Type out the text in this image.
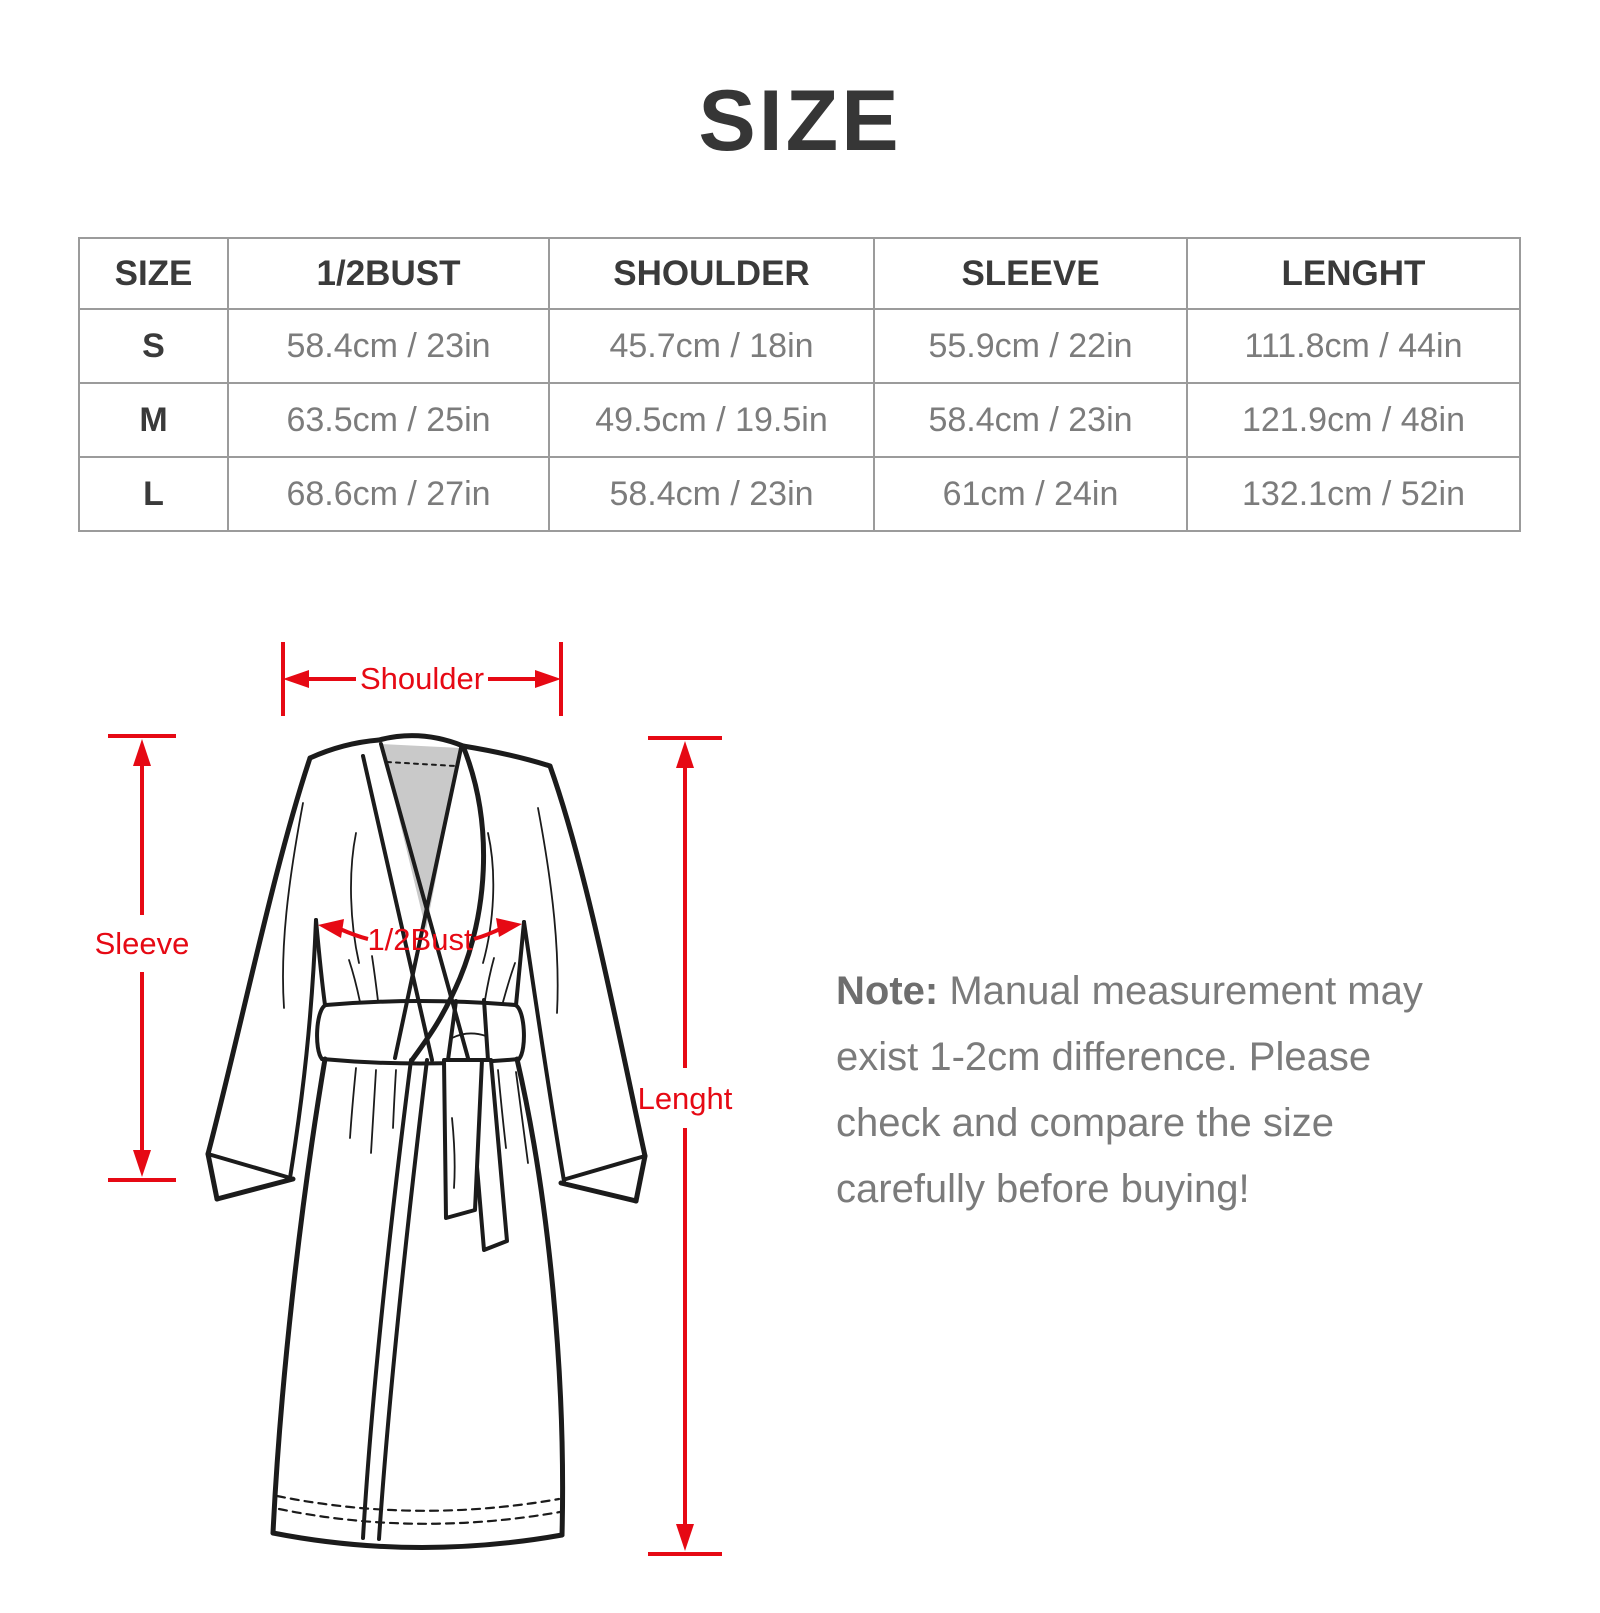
SIZE
SIZE	1/2BUST	SHOULDER	SLEEVE	LENGHT
S	58.4cm / 23in	45.7cm / 18in	55.9cm / 22in	111.8cm / 44in
M	63.5cm / 25in	49.5cm / 19.5in	58.4cm / 23in	121.9cm / 48in
L	68.6cm / 27in	58.4cm / 23in	61cm / 24in	132.1cm / 52in
Shoulder
Sleeve	1/2Bust
Lenght
Note: Manual measurement may exist 1-2cm difference. Please check and compare the size carefully before buying!
